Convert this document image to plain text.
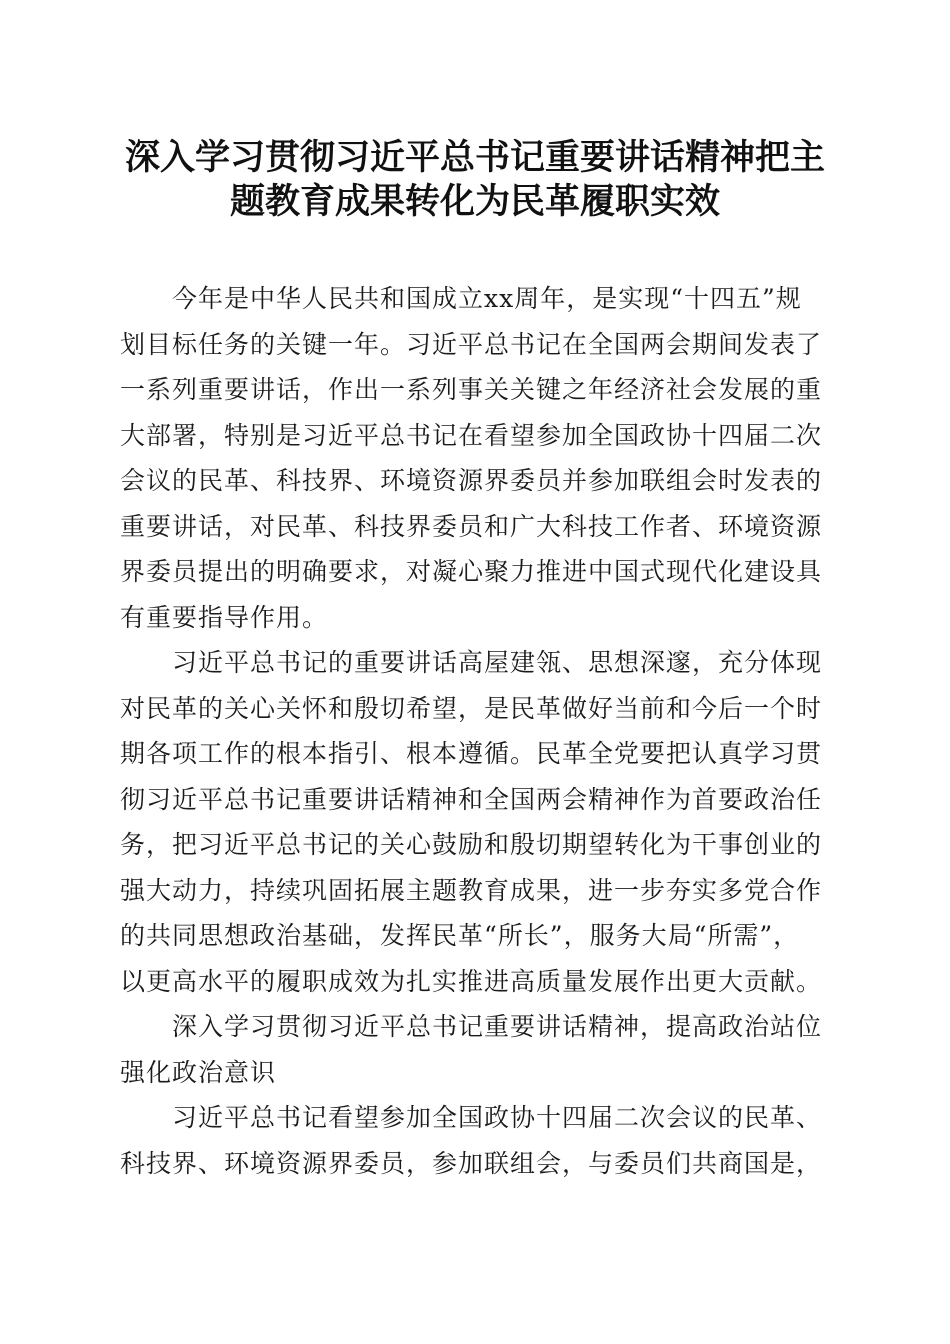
深入学习贯彻习近平总书记重要讲话精神把主
题教育成果转化为民革履职实效

今年是中华人民共和国成立xx周年，是实现“十四五”规
划目标任务的关键一年。习近平总书记在全国两会期间发表了
一系列重要讲话，作出一系列事关关键之年经济社会发展的重
大部署，特别是习近平总书记在看望参加全国政协十四届二次
会议的民革、科技界、环境资源界委员并参加联组会时发表的
重要讲话，对民革、科技界委员和广大科技工作者、环境资源
界委员提出的明确要求，对凝心聚力推进中国式现代化建设具
有重要指导作用。

习近平总书记的重要讲话高屋建瓴、思想深邃，充分体现
对民革的关心关怀和殷切希望，是民革做好当前和今后一个时
期各项工作的根本指引、根本遵循。民革全党要把认真学习贯
彻习近平总书记重要讲话精神和全国两会精神作为首要政治任
务，把习近平总书记的关心鼓励和殷切期望转化为干事创业的
强大动力，持续巩固拓展主题教育成果，进一步夯实多党合作
的共同思想政治基础，发挥民革“所长”，服务大局“所需”，
以更高水平的履职成效为扎实推进高质量发展作出更大贡献。

深入学习贯彻习近平总书记重要讲话精神，提高政治站位
强化政治意识

习近平总书记看望参加全国政协十四届二次会议的民革、
科技界、环境资源界委员，参加联组会，与委员们共商国是，
